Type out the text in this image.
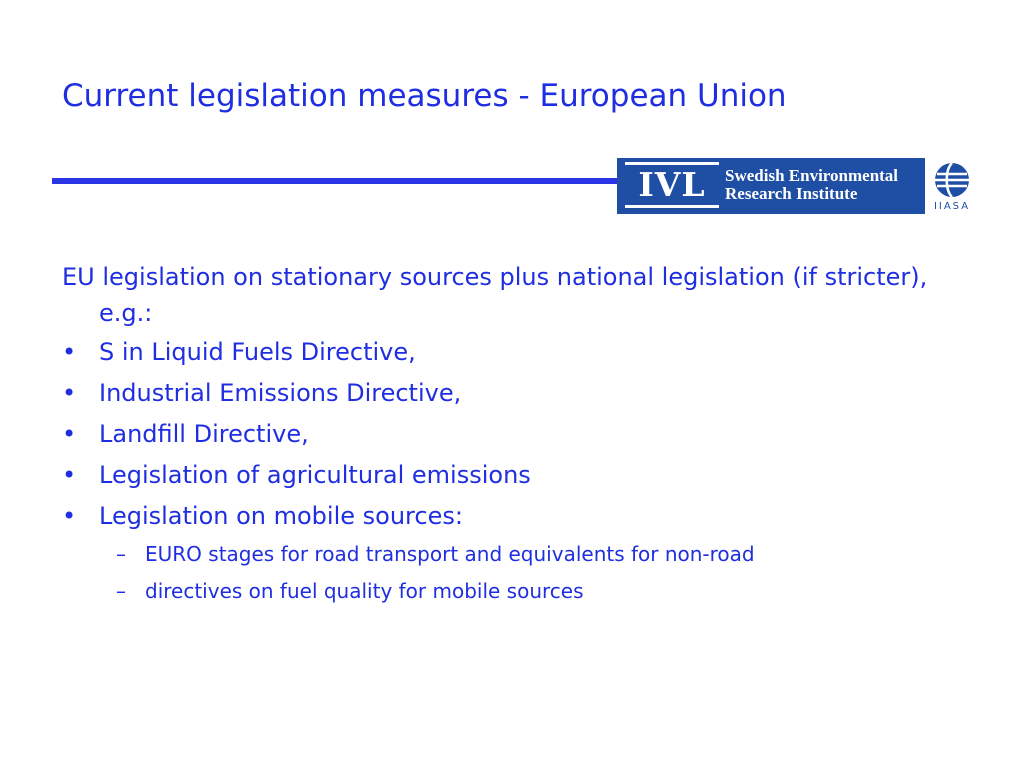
Current legislation measures - European Union
IVL	Swedish Environmental
Research Institute
IIASA

EU legislation on stationary sources plus national legislation (if stricter), e.g.:

• S in Liquid Fuels Directive,
• Industrial Emissions Directive,
• Landfill Directive,
• Legislation of agricultural emissions
• Legislation on mobile sources:
– EURO stages for road transport and equivalents for non-road
– directives on fuel quality for mobile sources
